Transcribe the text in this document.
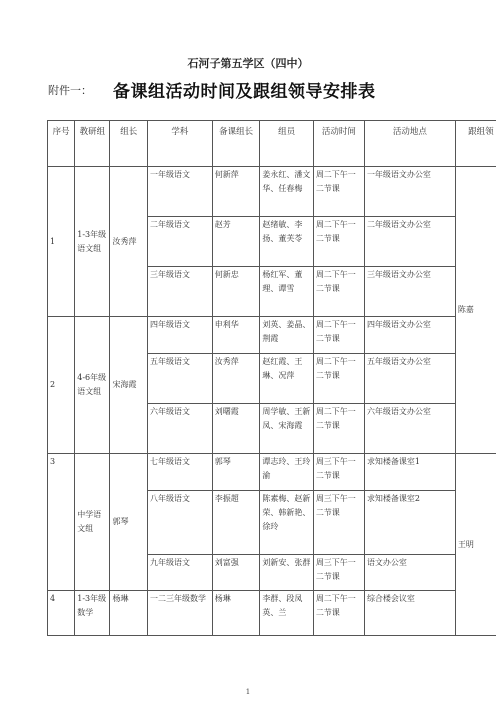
石河子第五学区（四中）
附件一： 备课组活动时间及跟组领导安排表
序号	教研组	组长	学科	备课组长	组员	活动时间	活动地点	跟组领
1	1-3年级语文组	汝秀萍	一年级语文	何新萍	姜永红、潘文华、任春梅	周二下午一二节课	一年级语文办公室	陈嘉
			二年级语文	赵芳	赵绪敏、李扬、董芙苓	周二下午一二节课	二年级语文办公室	
			三年级语文	何新忠	杨红军、董理、谭雪	周二下午一二节课	三年级语文办公室	
2	4-6年级语文组	宋海霞	四年级语文	申利华	刘英、姜晶、荆霞	周二下午一二节课	四年级语文办公室	
			五年级语文	汝秀萍	赵红霞、王琳、况萍	周二下午一二节课	五年级语文办公室	
			六年级语文	刘曙霞	周学敏、王新凤、宋海霞	周二下午一二节课	六年级语文办公室	
3	中学语文组	郭琴	七年级语文	郭琴	谭志玲、王玲渝	周三下午一二节课	求知楼备课室1	王明
			八年级语文	李振超	陈素梅、赵新荣、韩新艳、徐玲	周三下午一二节课	求知楼备课室2	
			九年级语文	刘富强	刘新安、张群	周三下午一二节课	语文办公室	
4	1-3年级数学	杨琳	一二三年级数学	杨琳	李群、段凤英、兰	周二下午一二节课	综合楼会议室	
1
